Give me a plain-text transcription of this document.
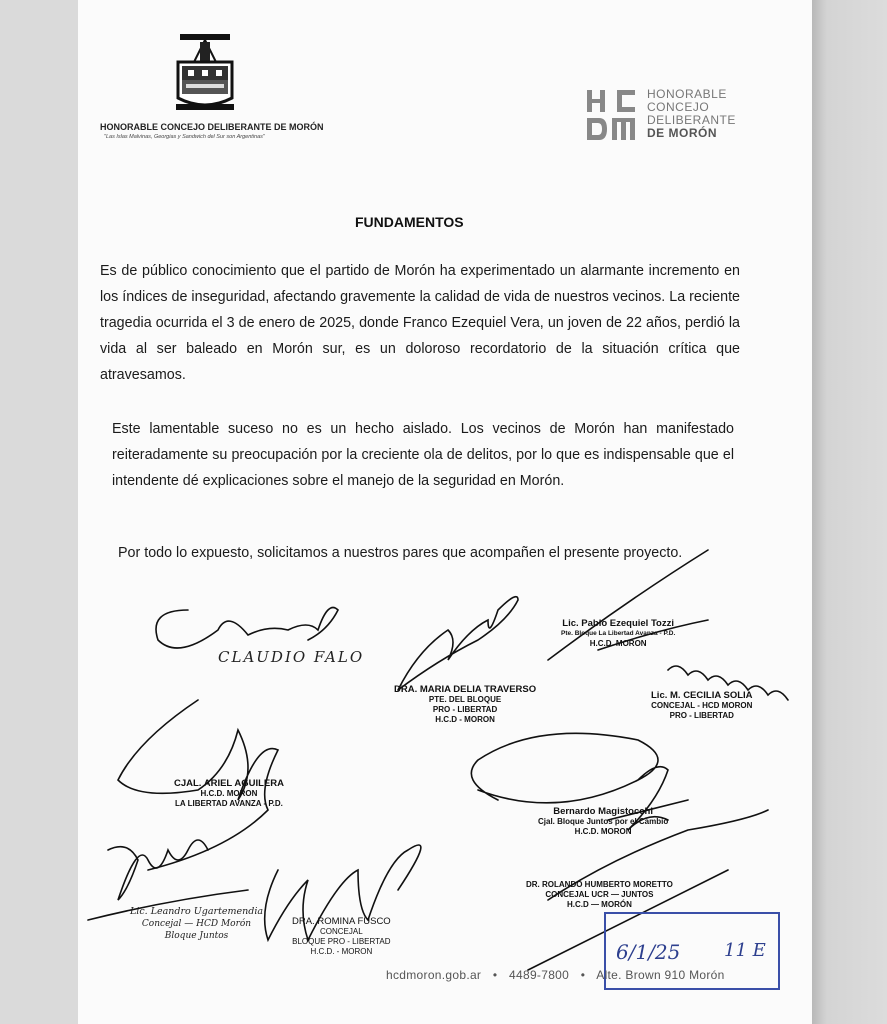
HONORABLE CONCEJO DELIBERANTE DE MORÓN
"Las Islas Malvinas, Georgias y Sandwich del Sur son Argentinas"
HONORABLE
CONCEJO
DELIBERANTE
DE MORÓN
FUNDAMENTOS
Es de público conocimiento que el partido de Morón ha experimentado un alarmante incremento en los índices de inseguridad, afectando gravemente la calidad de vida de nuestros vecinos. La reciente tragedia ocurrida el 3 de enero de 2025, donde Franco Ezequiel Vera, un joven de 22 años, perdió la vida al ser baleado en Morón sur, es un doloroso recordatorio de la situación crítica que atravesamos.
Este lamentable suceso no es un hecho aislado. Los vecinos de Morón han manifestado reiteradamente su preocupación por la creciente ola de delitos, por lo que es indispensable que el intendente dé explicaciones sobre el manejo de la seguridad en Morón.
Por todo lo expuesto, solicitamos a nuestros pares que acompañen el presente proyecto.
CLAUDIO FALO
DRA. MARIA DELIA TRAVERSO
PTE. DEL BLOQUE
PRO - LIBERTAD
H.C.D - MORON
Lic. Pablo Ezequiel Tozzi
Pte. Bloque La Libertad Avanza - P.D.
H.C.D. MORON
Lic. M. CECILIA SOLIA
CONCEJAL - HCD MORON
PRO - LIBERTAD
CJAL. ARIEL AGUILERA
H.C.D. MORON
LA LIBERTAD AVANZA - P.D.
Bernardo Magistocchi
Cjal. Bloque Juntos por el Cambio
H.C.D. MORON
Lic. Leandro Ugartemendia
Concejal — HCD Morón
Bloque Juntos
DRA. ROMINA FUSCO
CONCEJAL
BLOQUE PRO - LIBERTAD
H.C.D. - MORON
DR. ROLANDO HUMBERTO MORETTO
CONCEJAL UCR — JUNTOS
H.C.D — MORÓN
6/1/25 11 E
hcdmoron.gob.ar • 4489-7800 • Alte. Brown 910 Morón
